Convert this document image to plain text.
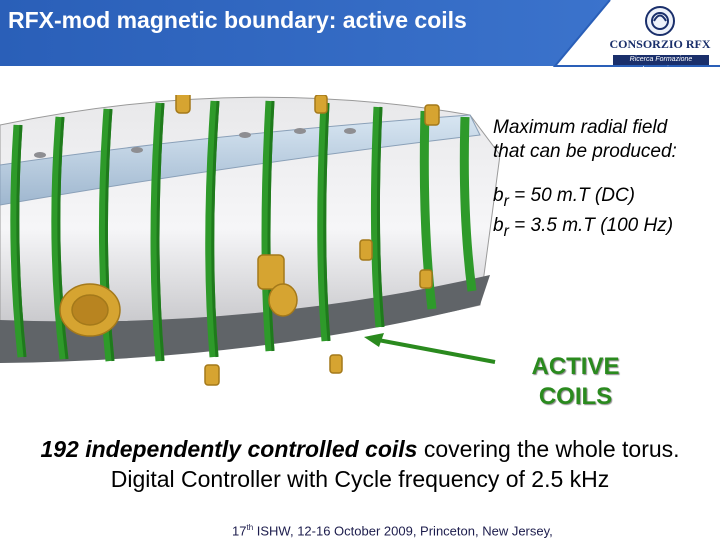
RFX-mod magnetic boundary: active coils
CONSORZIO RFX
Ricerca Formazione Innovazione

Maximum radial field that can be produced:

$b_r = 50$ m.T (DC)

$b_r = 3.5$ m.T (100 Hz)

ACTIVE COILS
192 independently controlled coils covering the whole torus. Digital Controller with Cycle frequency of 2.5 kHz
17th ISHW, 12-16 October 2009, Princeton, New Jersey,
